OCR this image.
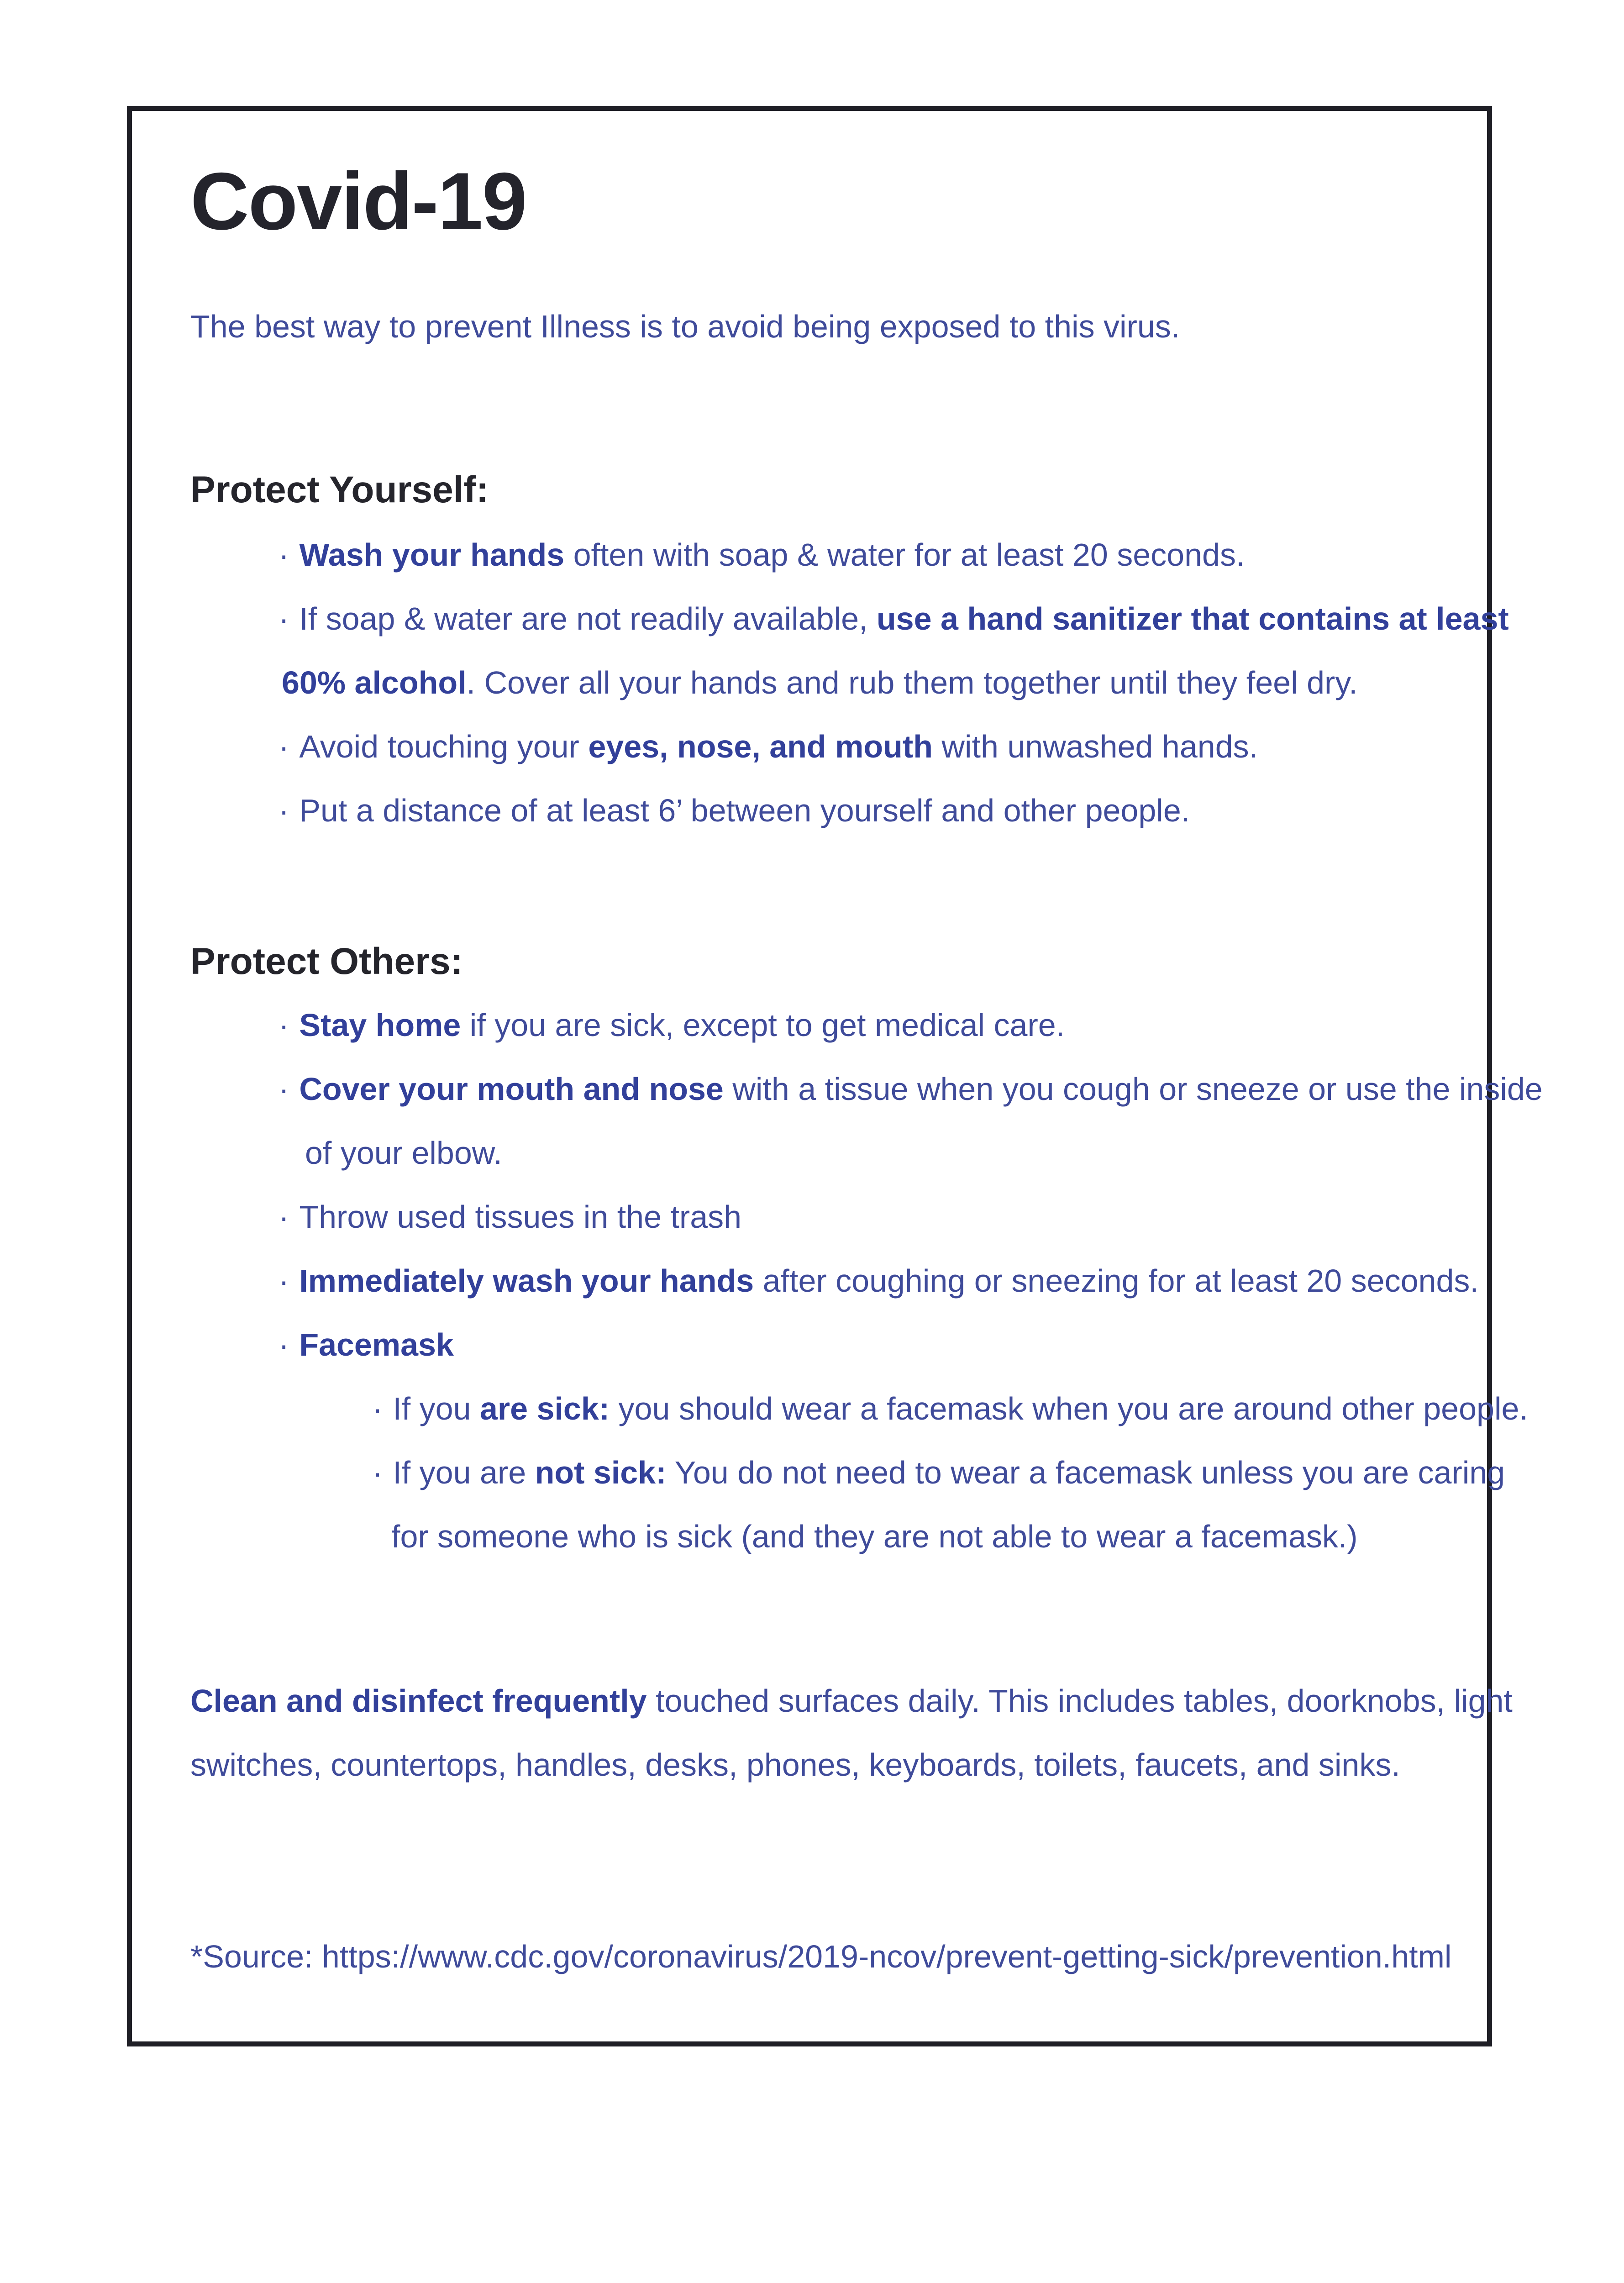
Covid-19
The best way to prevent Illness is to avoid being exposed to this virus.
Protect Yourself:
· Wash your hands often with soap & water for at least 20 seconds.
· If soap & water are not readily available, use a hand sanitizer that contains at least
60% alcohol. Cover all your hands and rub them together until they feel dry.
· Avoid touching your eyes, nose, and mouth with unwashed hands.
· Put a distance of at least 6’ between yourself and other people.
Protect Others:
· Stay home if you are sick, except to get medical care.
· Cover your mouth and nose with a tissue when you cough or sneeze or use the inside
of your elbow.
· Throw used tissues in the trash
· Immediately wash your hands after coughing or sneezing for at least 20 seconds.
· Facemask
· If you are sick: you should wear a facemask when you are around other people.
· If you are not sick: You do not need to wear a facemask unless you are caring
for someone who is sick (and they are not able to wear a facemask.)
Clean and disinfect frequently touched surfaces daily. This includes tables, doorknobs, light
switches, countertops, handles, desks, phones, keyboards, toilets, faucets, and sinks.
*Source: https://www.cdc.gov/coronavirus/2019-ncov/prevent-getting-sick/prevention.html
